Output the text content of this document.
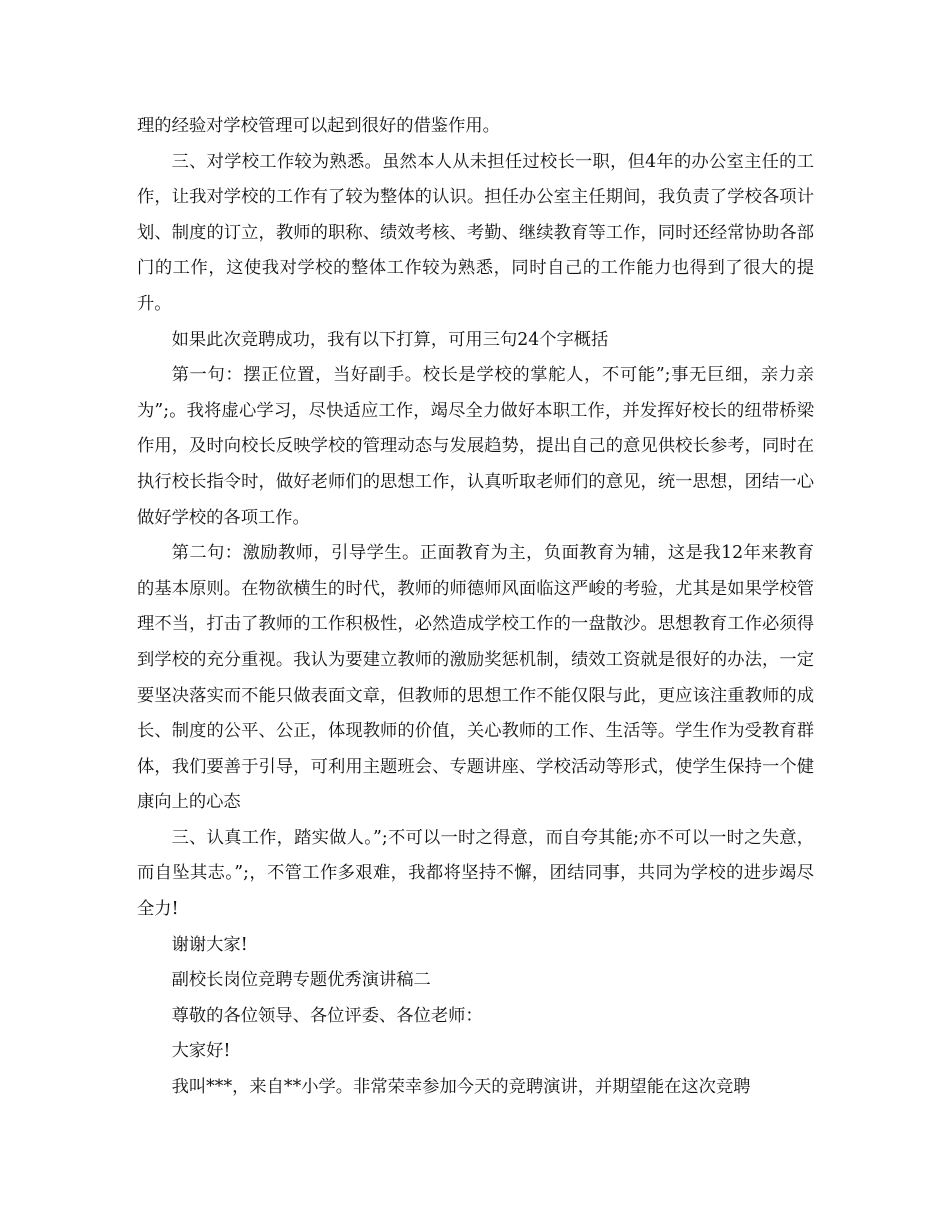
理的经验对学校管理可以起到很好的借鉴作用。

三、对学校工作较为熟悉。虽然本人从未担任过校长一职，但4年的办公室主任的工作，让我对学校的工作有了较为整体的认识。担任办公室主任期间，我负责了学校各项计划、制度的订立，教师的职称、绩效考核、考勤、继续教育等工作，同时还经常协助各部门的工作，这使我对学校的整体工作较为熟悉，同时自己的工作能力也得到了很大的提升。

如果此次竞聘成功，我有以下打算，可用三句24个字概括

第一句：摆正位置，当好副手。校长是学校的掌舵人，不可能”;事无巨细，亲力亲为”;。我将虚心学习，尽快适应工作，竭尽全力做好本职工作，并发挥好校长的纽带桥梁作用，及时向校长反映学校的管理动态与发展趋势，提出自己的意见供校长参考，同时在执行校长指令时，做好老师们的思想工作，认真听取老师们的意见，统一思想，团结一心做好学校的各项工作。

第二句：激励教师，引导学生。正面教育为主，负面教育为辅，这是我12年来教育的基本原则。在物欲横生的时代，教师的师德师风面临这严峻的考验，尤其是如果学校管理不当，打击了教师的工作积极性，必然造成学校工作的一盘散沙。思想教育工作必须得到学校的充分重视。我认为要建立教师的激励奖惩机制，绩效工资就是很好的办法，一定要坚决落实而不能只做表面文章，但教师的思想工作不能仅限与此，更应该注重教师的成长、制度的公平、公正，体现教师的价值，关心教师的工作、生活等。学生作为受教育群体，我们要善于引导，可利用主题班会、专题讲座、学校活动等形式，使学生保持一个健康向上的心态

三、认真工作，踏实做人。”;不可以一时之得意，而自夸其能;亦不可以一时之失意，而自坠其志。”;，不管工作多艰难，我都将坚持不懈，团结同事，共同为学校的进步竭尽全力!

谢谢大家!

副校长岗位竞聘专题优秀演讲稿二

尊敬的各位领导、各位评委、各位老师：

大家好!

我叫***，来自**小学。非常荣幸参加今天的竞聘演讲，并期望能在这次竞聘
